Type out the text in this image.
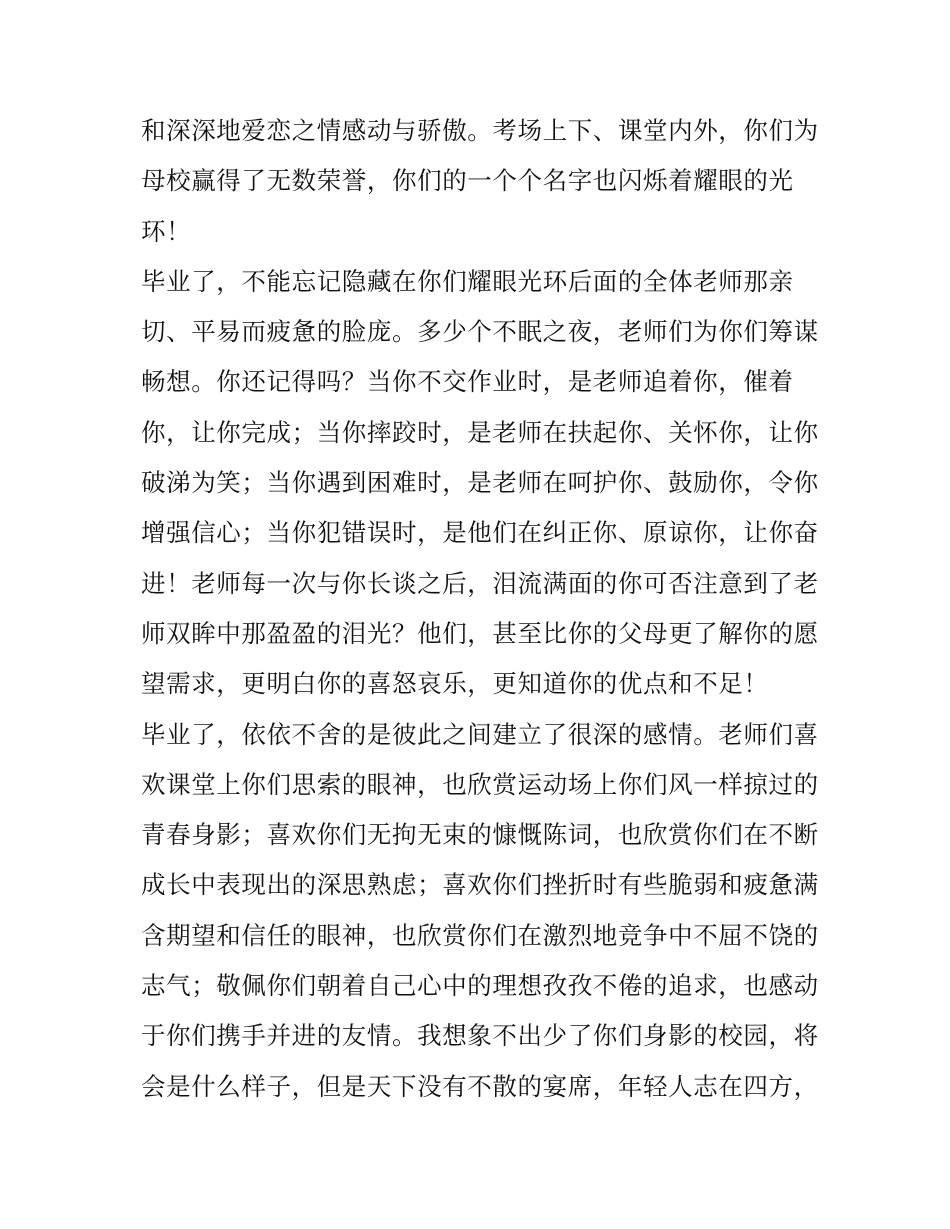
和深深地爱恋之情感动与骄傲。考场上下、课堂内外，你们为
母校赢得了无数荣誉，你们的一个个名字也闪烁着耀眼的光
环！
毕业了，不能忘记隐藏在你们耀眼光环后面的全体老师那亲
切、平易而疲惫的脸庞。多少个不眠之夜，老师们为你们筹谋
畅想。你还记得吗？当你不交作业时，是老师追着你，催着
你，让你完成；当你摔跤时，是老师在扶起你、关怀你，让你
破涕为笑；当你遇到困难时，是老师在呵护你、鼓励你，令你
增强信心；当你犯错误时，是他们在纠正你、原谅你，让你奋
进！老师每一次与你长谈之后，泪流满面的你可否注意到了老
师双眸中那盈盈的泪光？他们，甚至比你的父母更了解你的愿
望需求，更明白你的喜怒哀乐，更知道你的优点和不足！
毕业了，依依不舍的是彼此之间建立了很深的感情。老师们喜
欢课堂上你们思索的眼神，也欣赏运动场上你们风一样掠过的
青春身影；喜欢你们无拘无束的慷慨陈词，也欣赏你们在不断
成长中表现出的深思熟虑；喜欢你们挫折时有些脆弱和疲惫满
含期望和信任的眼神，也欣赏你们在激烈地竞争中不屈不饶的
志气；敬佩你们朝着自己心中的理想孜孜不倦的追求，也感动
于你们携手并进的友情。我想象不出少了你们身影的校园，将
会是什么样子，但是天下没有不散的宴席，年轻人志在四方，
